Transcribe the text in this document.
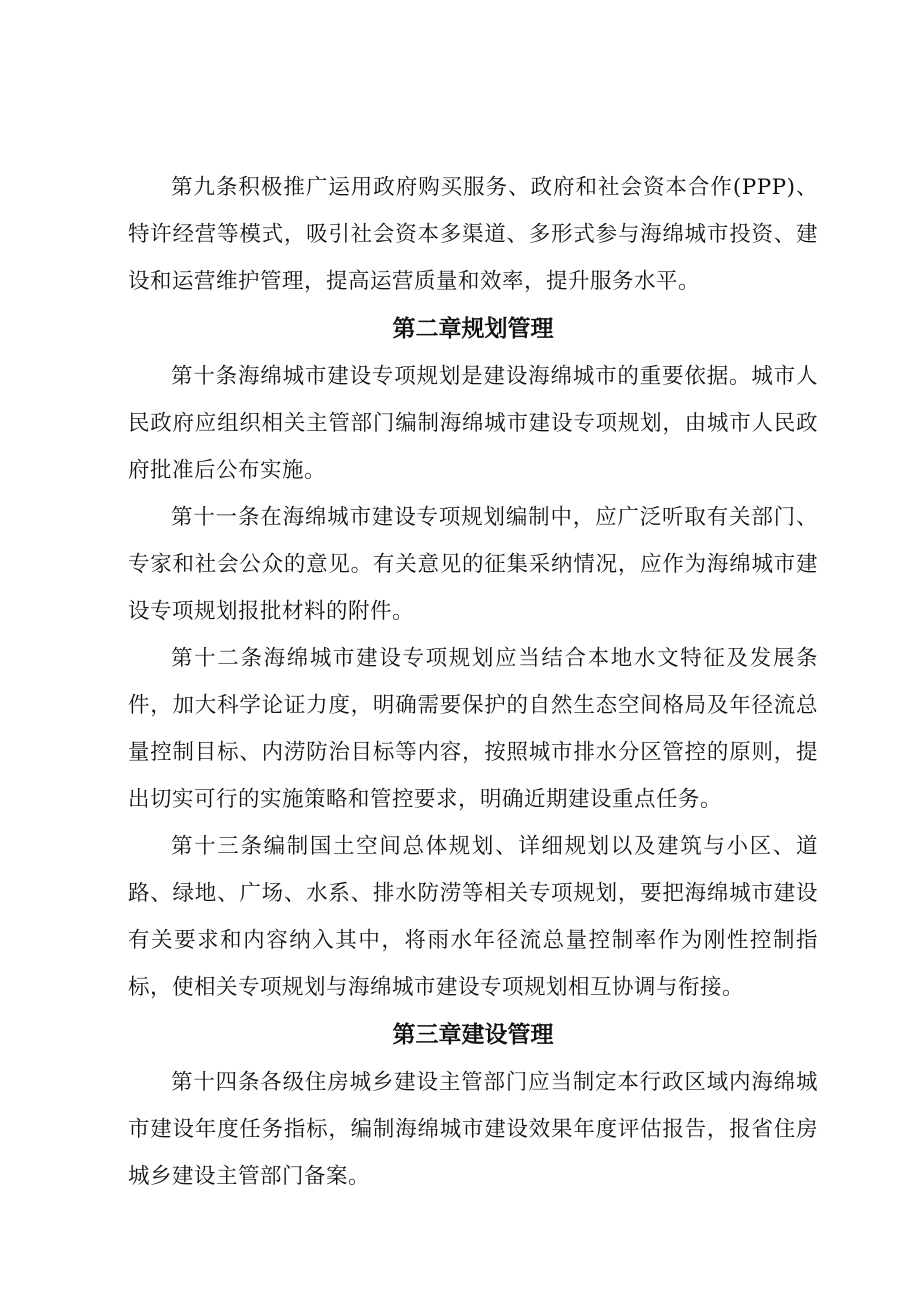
第九条积极推广运用政府购买服务、政府和社会资本合作(PPP)、特许经营等模式，吸引社会资本多渠道、多形式参与海绵城市投资、建设和运营维护管理，提高运营质量和效率，提升服务水平。

第二章规划管理

第十条海绵城市建设专项规划是建设海绵城市的重要依据。城市人民政府应组织相关主管部门编制海绵城市建设专项规划，由城市人民政府批准后公布实施。

第十一条在海绵城市建设专项规划编制中，应广泛听取有关部门、专家和社会公众的意见。有关意见的征集采纳情况，应作为海绵城市建设专项规划报批材料的附件。

第十二条海绵城市建设专项规划应当结合本地水文特征及发展条件，加大科学论证力度，明确需要保护的自然生态空间格局及年径流总量控制目标、内涝防治目标等内容，按照城市排水分区管控的原则，提出切实可行的实施策略和管控要求，明确近期建设重点任务。

第十三条编制国土空间总体规划、详细规划以及建筑与小区、道路、绿地、广场、水系、排水防涝等相关专项规划，要把海绵城市建设有关要求和内容纳入其中，将雨水年径流总量控制率作为刚性控制指标，使相关专项规划与海绵城市建设专项规划相互协调与衔接。

第三章建设管理

第十四条各级住房城乡建设主管部门应当制定本行政区域内海绵城市建设年度任务指标，编制海绵城市建设效果年度评估报告，报省住房城乡建设主管部门备案。
